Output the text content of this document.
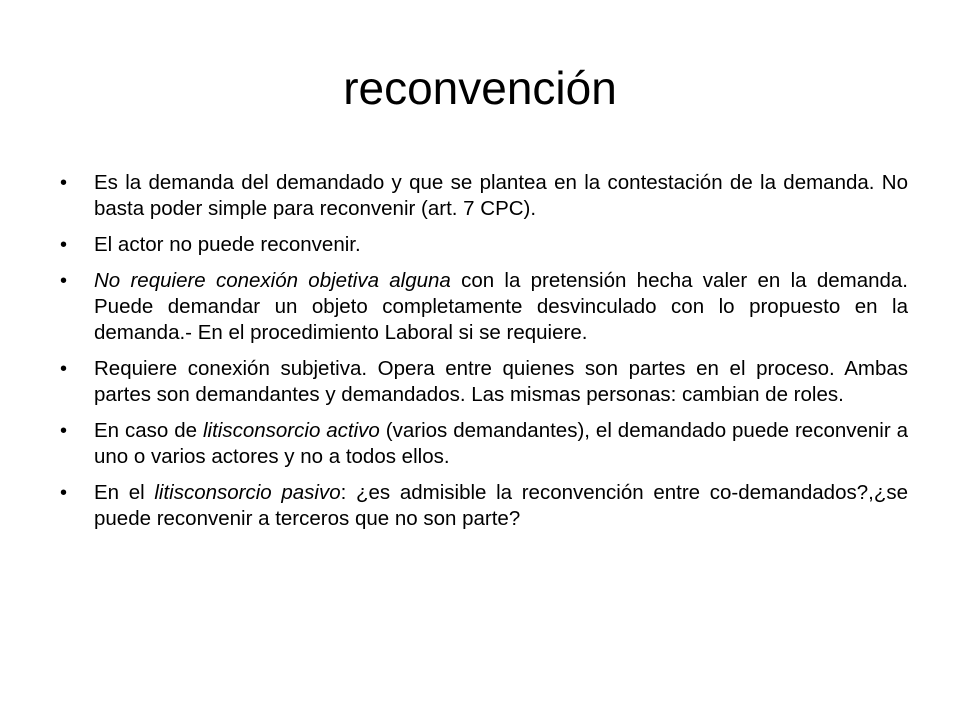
reconvención
• Es la demanda del demandado y que se plantea en la contestación de la demanda. No basta poder simple para reconvenir (art. 7 CPC).
• El actor no puede reconvenir.
• No requiere conexión objetiva alguna con la pretensión hecha valer en la demanda. Puede demandar un objeto completamente desvinculado con lo propuesto en la demanda.- En el procedimiento Laboral si se requiere.
• Requiere conexión subjetiva. Opera entre quienes son partes en el proceso. Ambas partes son demandantes y demandados. Las mismas personas: cambian de roles.
• En caso de litisconsorcio activo (varios demandantes), el demandado puede reconvenir a uno o varios actores y no a todos ellos.
• En el litisconsorcio pasivo: ¿es admisible la reconvención entre co-demandados?,¿se puede reconvenir a terceros que no son parte?
